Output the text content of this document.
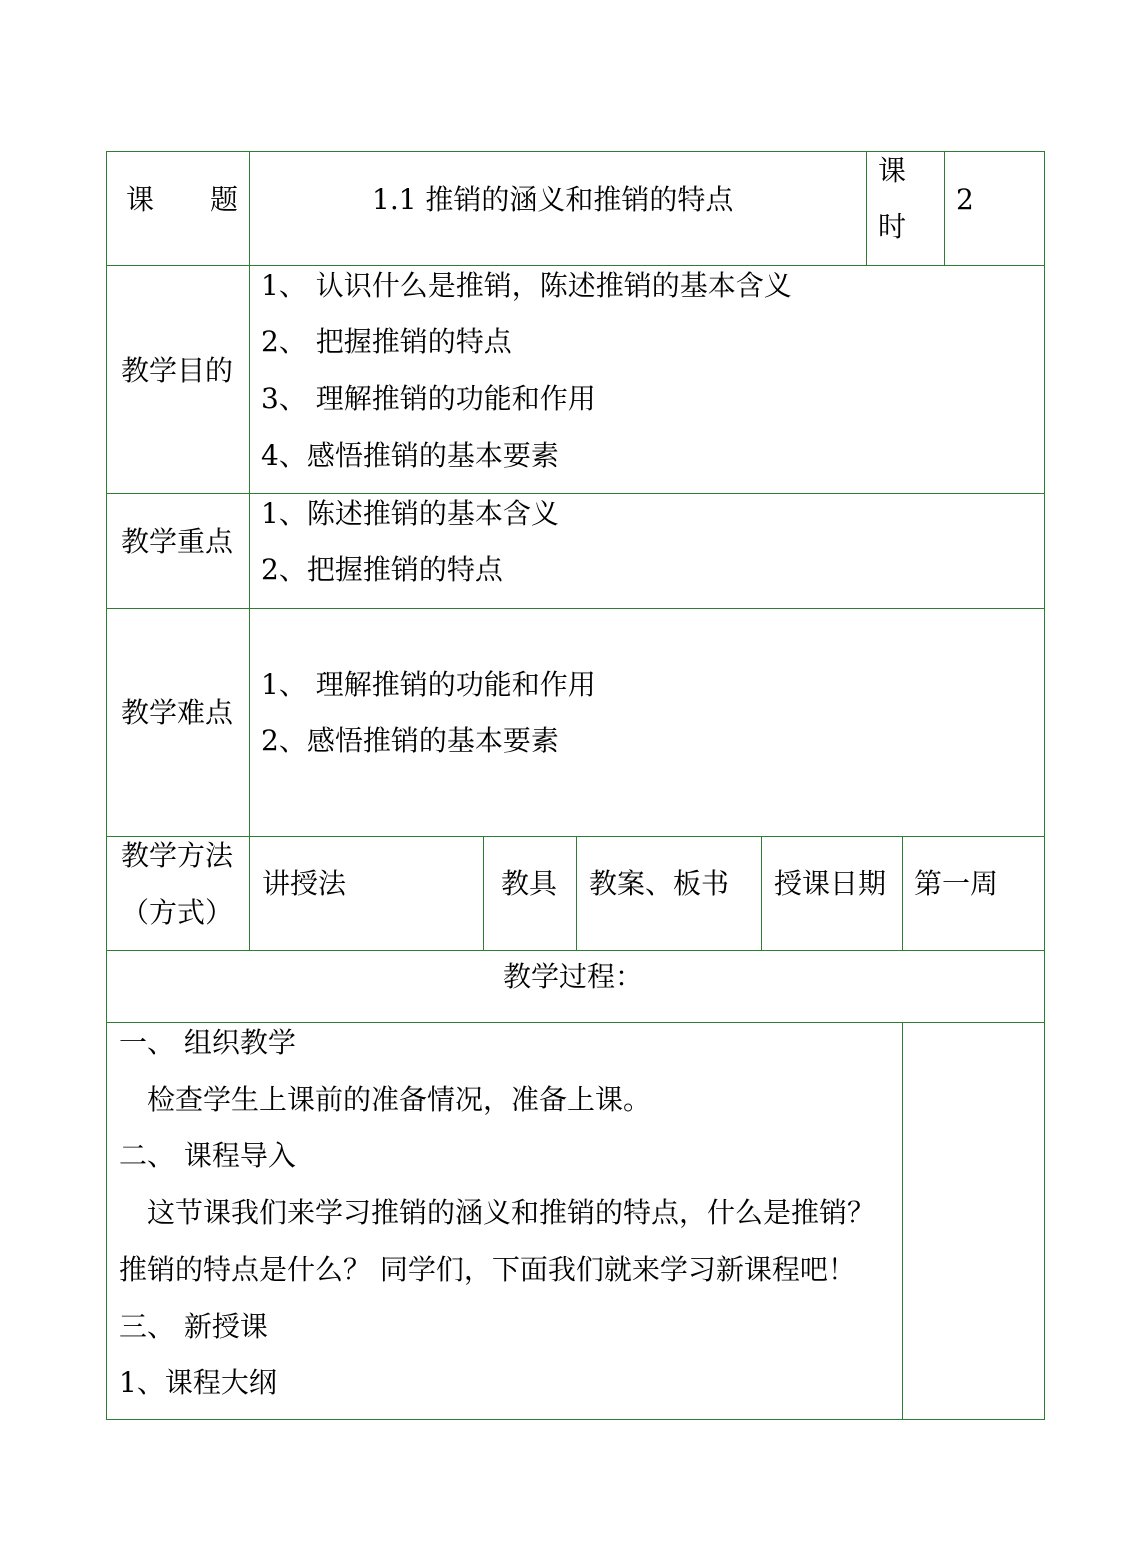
课　　题	1.1 推销的涵义和推销的特点
课
时
2
教学目的
1、 认识什么是推销，陈述推销的基本含义
2、 把握推销的特点
3、 理解推销的功能和作用
4、感悟推销的基本要素
教学重点
1、陈述推销的基本含义
2、把握推销的特点
教学难点
1、 理解推销的功能和作用
2、感悟推销的基本要素
教学方法
（方式）
讲授法	教具 教案、板书 授课日期 第一周
教学过程：
一、 组织教学
　检查学生上课前的准备情况，准备上课。
二、 课程导入
　这节课我们来学习推销的涵义和推销的特点，什么是推销？
推销的特点是什么？ 同学们，下面我们就来学习新课程吧！
三、 新授课
1、课程大纲
